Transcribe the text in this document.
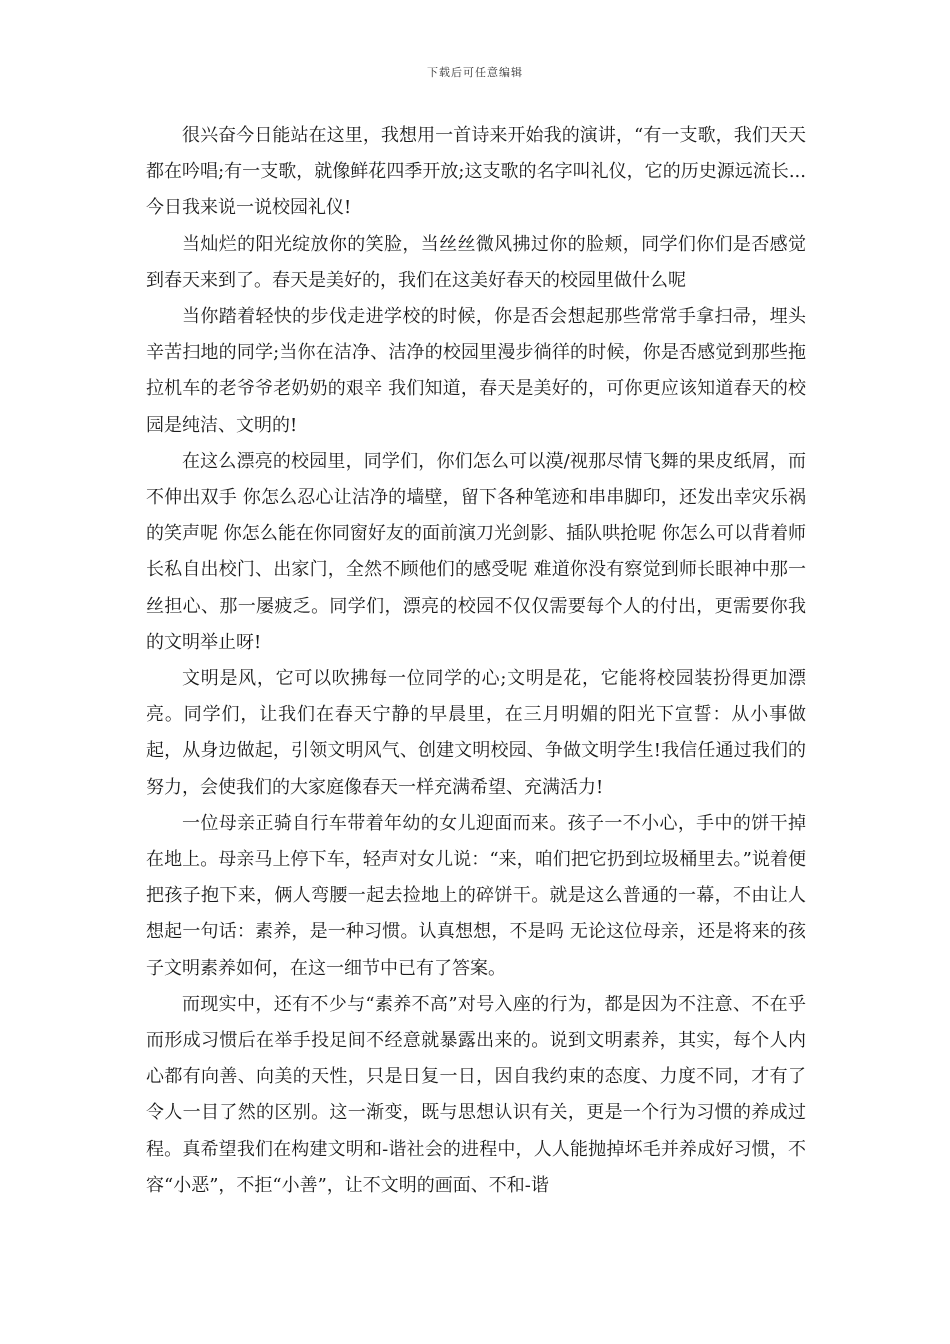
下载后可任意编辑

很兴奋今日能站在这里，我想用一首诗来开始我的演讲，“有一支歌，我们天天都在吟唱;有一支歌，就像鲜花四季开放;这支歌的名字叫礼仪，它的历史源远流长...今日我来说一说校园礼仪!

当灿烂的阳光绽放你的笑脸，当丝丝微风拂过你的脸颊，同学们你们是否感觉到春天来到了。春天是美好的，我们在这美好春天的校园里做什么呢

当你踏着轻快的步伐走进学校的时候，你是否会想起那些常常手拿扫帚，埋头辛苦扫地的同学;当你在洁净、洁净的校园里漫步徜徉的时候，你是否感觉到那些拖拉机车的老爷爷老奶奶的艰辛 我们知道，春天是美好的，可你更应该知道春天的校园是纯洁、文明的!

在这么漂亮的校园里，同学们，你们怎么可以漠/视那尽情飞舞的果皮纸屑，而不伸出双手 你怎么忍心让洁净的墙壁，留下各种笔迹和串串脚印，还发出幸灾乐祸的笑声呢 你怎么能在你同窗好友的面前演刀光剑影、插队哄抢呢 你怎么可以背着师长私自出校门、出家门，全然不顾他们的感受呢 难道你没有察觉到师长眼神中那一丝担心、那一屡疲乏。同学们，漂亮的校园不仅仅需要每个人的付出，更需要你我的文明举止呀!

文明是风，它可以吹拂每一位同学的心;文明是花，它能将校园装扮得更加漂亮。同学们，让我们在春天宁静的早晨里，在三月明媚的阳光下宣誓：从小事做起，从身边做起，引领文明风气、创建文明校园、争做文明学生!我信任通过我们的努力，会使我们的大家庭像春天一样充满希望、充满活力!

一位母亲正骑自行车带着年幼的女儿迎面而来。孩子一不小心，手中的饼干掉在地上。母亲马上停下车，轻声对女儿说：“来，咱们把它扔到垃圾桶里去。”说着便把孩子抱下来，俩人弯腰一起去捡地上的碎饼干。就是这么普通的一幕，不由让人想起一句话：素养，是一种习惯。认真想想，不是吗 无论这位母亲，还是将来的孩子文明素养如何，在这一细节中已有了答案。

而现实中，还有不少与“素养不高”对号入座的行为，都是因为不注意、不在乎而形成习惯后在举手投足间不经意就暴露出来的。说到文明素养，其实，每个人内心都有向善、向美的天性，只是日复一日，因自我约束的态度、力度不同，才有了令人一目了然的区别。这一渐变，既与思想认识有关，更是一个行为习惯的养成过程。真希望我们在构建文明和-谐社会的进程中，人人能抛掉坏毛并养成好习惯，不容“小恶”，不拒“小善”，让不文明的画面、不和-谐
